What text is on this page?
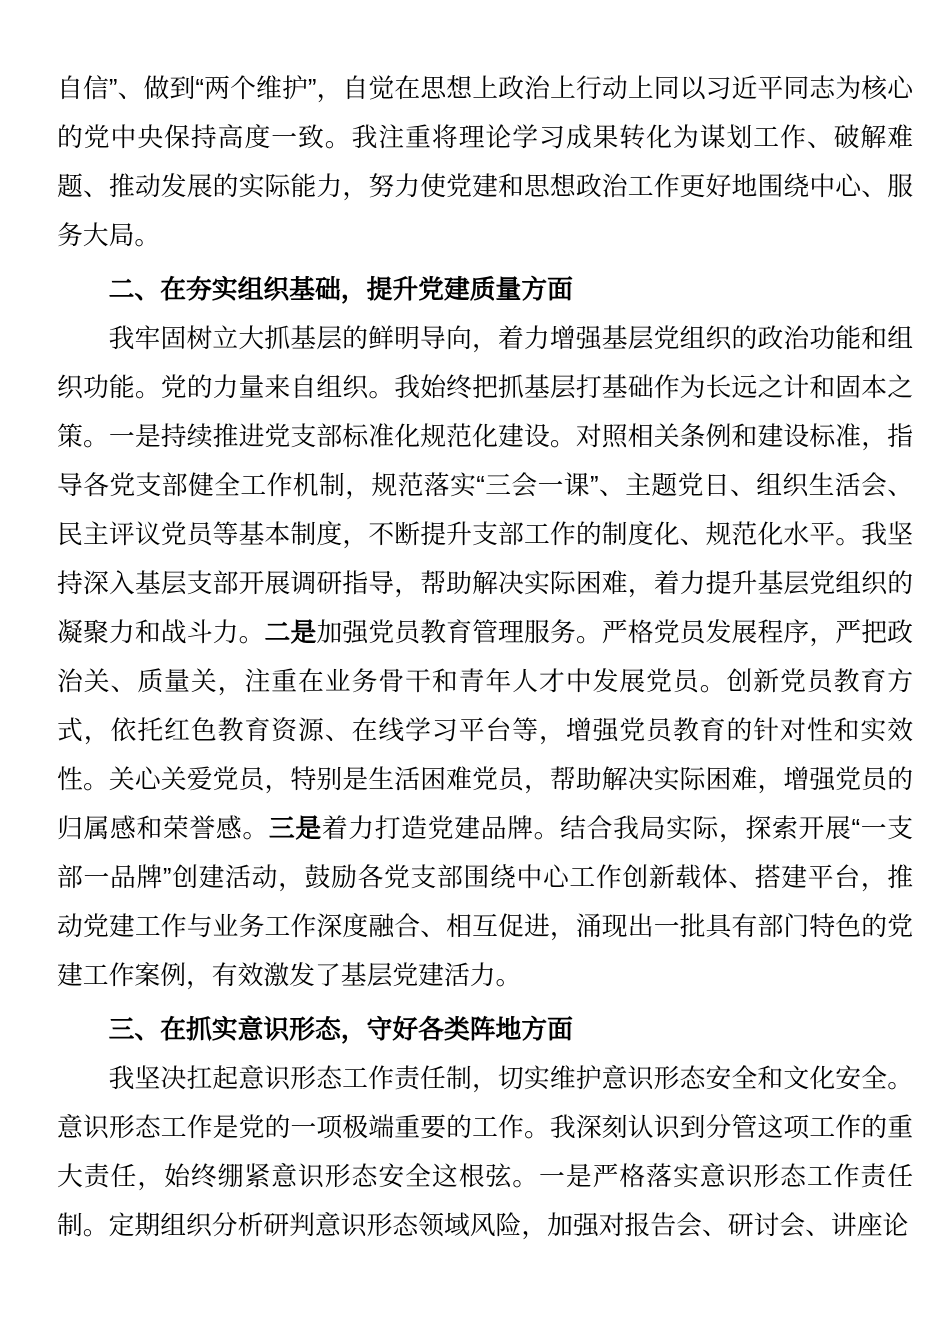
自信”、做到“两个维护”，自觉在思想上政治上行动上同以习近平同志为核心的党中央保持高度一致。我注重将理论学习成果转化为谋划工作、破解难题、推动发展的实际能力，努力使党建和思想政治工作更好地围绕中心、服务大局。
二、在夯实组织基础，提升党建质量方面
我牢固树立大抓基层的鲜明导向，着力增强基层党组织的政治功能和组织功能。党的力量来自组织。我始终把抓基层打基础作为长远之计和固本之策。一是持续推进党支部标准化规范化建设。对照相关条例和建设标准，指导各党支部健全工作机制，规范落实“三会一课”、主题党日、组织生活会、民主评议党员等基本制度，不断提升支部工作的制度化、规范化水平。我坚持深入基层支部开展调研指导，帮助解决实际困难，着力提升基层党组织的凝聚力和战斗力。二是加强党员教育管理服务。严格党员发展程序，严把政治关、质量关，注重在业务骨干和青年人才中发展党员。创新党员教育方式，依托红色教育资源、在线学习平台等，增强党员教育的针对性和实效性。关心关爱党员，特别是生活困难党员，帮助解决实际困难，增强党员的归属感和荣誉感。三是着力打造党建品牌。结合我局实际，探索开展“一支部一品牌”创建活动，鼓励各党支部围绕中心工作创新载体、搭建平台，推动党建工作与业务工作深度融合、相互促进，涌现出一批具有部门特色的党建工作案例，有效激发了基层党建活力。
三、在抓实意识形态，守好各类阵地方面
我坚决扛起意识形态工作责任制，切实维护意识形态安全和文化安全。意识形态工作是党的一项极端重要的工作。我深刻认识到分管这项工作的重大责任，始终绷紧意识形态安全这根弦。一是严格落实意识形态工作责任制。定期组织分析研判意识形态领域风险，加强对报告会、研讨会、讲座论
